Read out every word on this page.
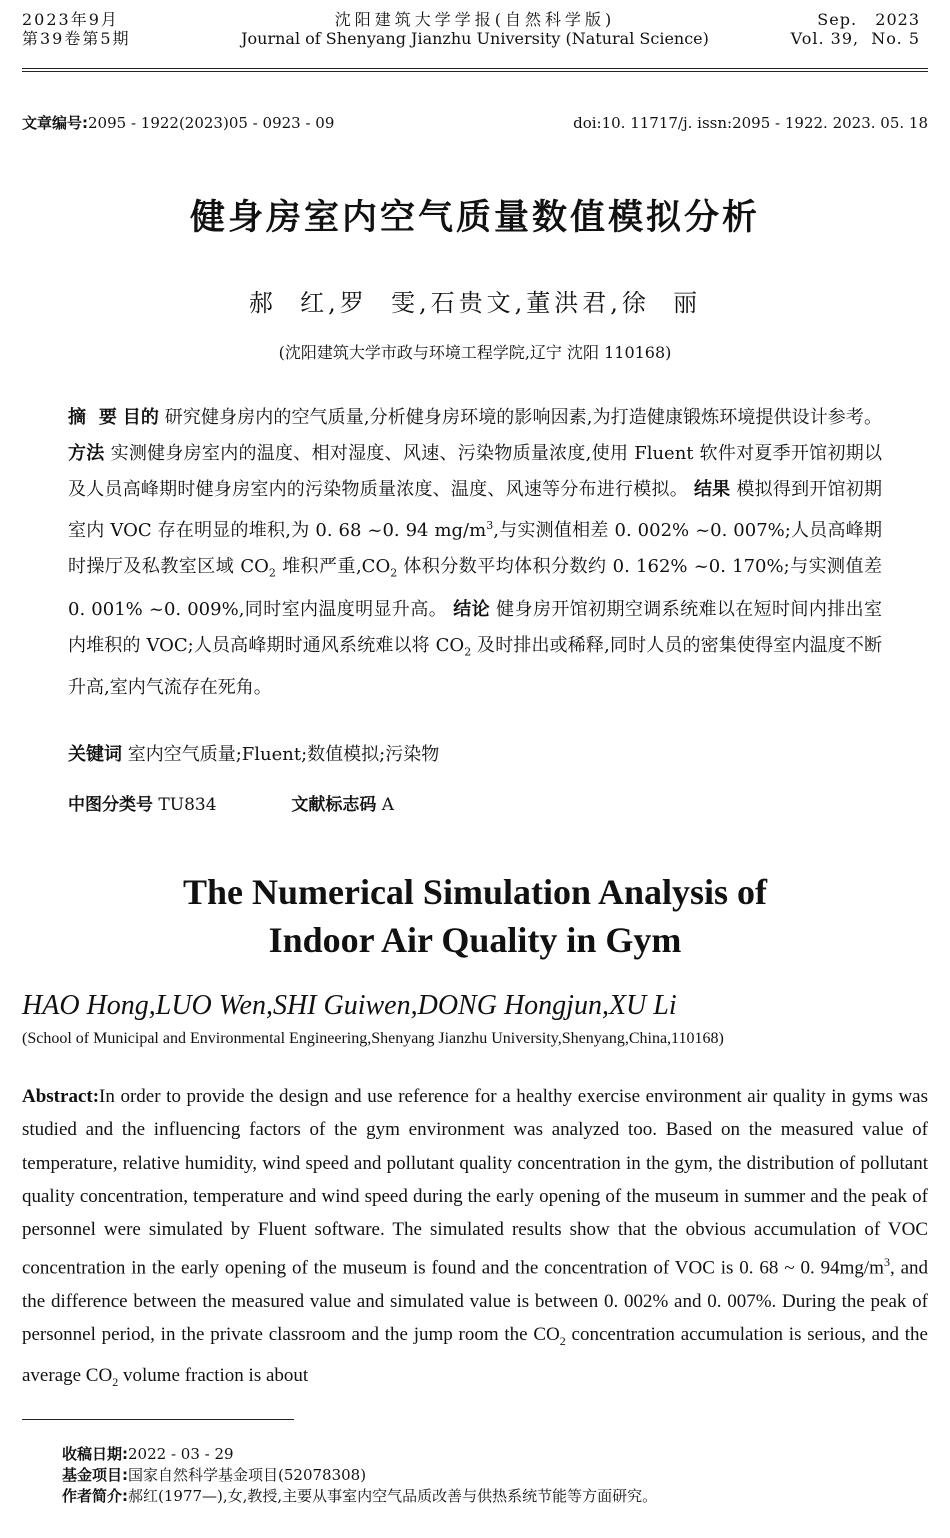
2023年9月
第39卷第5期
沈阳建筑大学学报(自然科学版)
Journal of Shenyang Jianzhu University (Natural Science)
Sep.   2023
Vol. 39,  No. 5
文章编号:2095 - 1922(2023)05 - 0923 - 09	doi:10. 11717/j. issn:2095 - 1922. 2023. 05. 18
健身房室内空气质量数值模拟分析
郝  红,罗  雯,石贵文,董洪君,徐  丽
(沈阳建筑大学市政与环境工程学院,辽宁 沈阳 110168)
摘  要 目的 研究健身房内的空气质量,分析健身房环境的影响因素,为打造健康锻炼环境提供设计参考。 方法 实测健身房室内的温度、相对湿度、风速、污染物质量浓度,使用 Fluent 软件对夏季开馆初期以及人员高峰期时健身房室内的污染物质量浓度、温度、风速等分布进行模拟。 结果 模拟得到开馆初期室内 VOC 存在明显的堆积,为 0. 68 ~0. 94 $mg/m^3$,与实测值相差 0. 002% ~0. 007%;人员高峰期时操厅及私教室区域 $CO_2$ 堆积严重$,CO_2$ 体积分数平均体积分数约 0. 162% ~0. 170%;与实测值差 0. 001% ~0. 009%,同时室内温度明显升高。 结论 健身房开馆初期空调系统难以在短时间内排出室内堆积的 VOC;人员高峰期时通风系统难以将 $CO_2$ 及时排出或稀释,同时人员的密集使得室内温度不断升高,室内气流存在死角。
关键词 室内空气质量;Fluent;数值模拟;污染物
中图分类号 TU834	文献标志码 A
The Numerical Simulation Analysis of
Indoor Air Quality in Gym
HAO Hong,LUO Wen,SHI Guiwen,DONG Hongjun,XU Li
(School of Municipal and Environmental Engineering,Shenyang Jianzhu University,Shenyang,China,110168)
Abstract:In order to provide the design and use reference for a healthy exercise environment air quality in gyms was studied and the influencing factors of the gym environment was analyzed too. Based on the measured value of temperature, relative humidity, wind speed and pollutant quality concentration in the gym, the distribution of pollutant quality concentration, temperature and wind speed during the early opening of the museum in summer and the peak of personnel were simulated by Fluent software. The simulated results show that the obvious accumulation of VOC concentration in the early opening of the museum is found and the concentration of VOC is 0. 68 ~ 0. $94mg/m^3$, and the difference between the measured value and simulated value is between 0. 002% and 0. 007%. During the peak of personnel period, in the private classroom and the jump room the $CO_2$ concentration accumulation is serious, and the average $CO_2$ volume fraction is about
收稿日期:2022 - 03 - 29
基金项目:国家自然科学基金项目(52078308)
作者简介:郝红(1977—),女,教授,主要从事室内空气品质改善与供热系统节能等方面研究。
